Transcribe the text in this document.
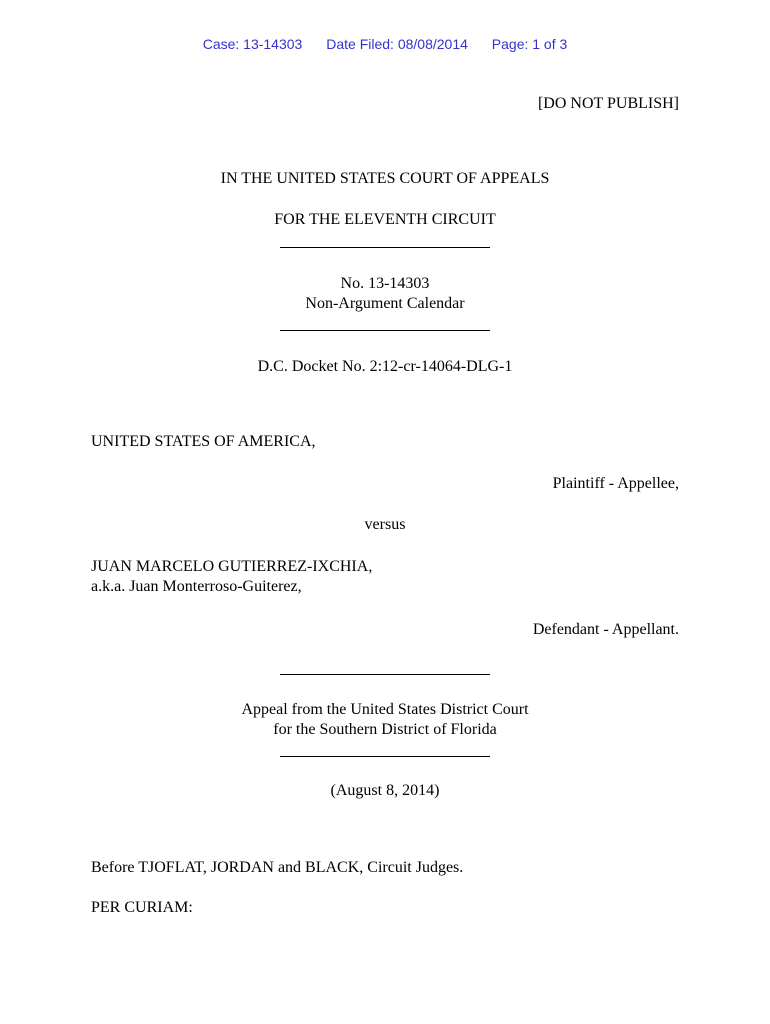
Case: 13-14303 Date Filed: 08/08/2014 Page: 1 of 3
[DO NOT PUBLISH]
IN THE UNITED STATES COURT OF APPEALS
FOR THE ELEVENTH CIRCUIT
No. 13-14303
Non-Argument Calendar
D.C. Docket No. 2:12-cr-14064-DLG-1
UNITED STATES OF AMERICA,
Plaintiff - Appellee,
versus
JUAN MARCELO GUTIERREZ-IXCHIA,
a.k.a. Juan Monterroso-Guiterez,
Defendant - Appellant.
Appeal from the United States District Court
for the Southern District of Florida
(August 8, 2014)
Before TJOFLAT, JORDAN and BLACK, Circuit Judges.
PER CURIAM:
